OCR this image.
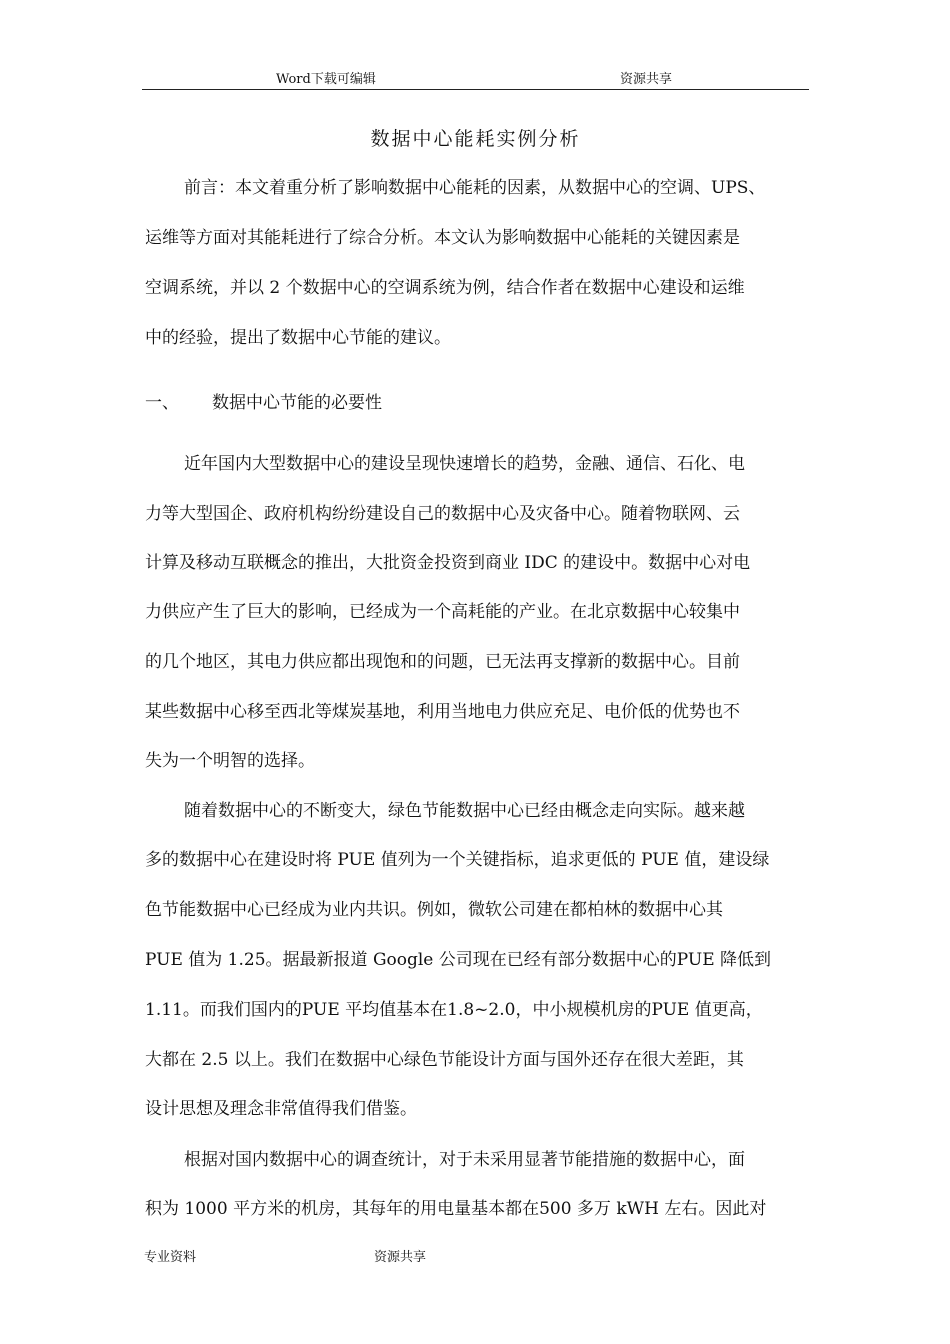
Word下载可编辑	资源共享
数据中心能耗实例分析
前言：本文着重分析了影响数据中心能耗的因素，从数据中心的空调、UPS、
运维等方面对其能耗进行了综合分析。本文认为影响数据中心能耗的关键因素是
空调系统，并以 2 个数据中心的空调系统为例，结合作者在数据中心建设和运维
中的经验，提出了数据中心节能的建议。
一、 数据中心节能的必要性
近年国内大型数据中心的建设呈现快速增长的趋势，金融、通信、石化、电
力等大型国企、政府机构纷纷建设自己的数据中心及灾备中心。随着物联网、云
计算及移动互联概念的推出，大批资金投资到商业 IDC 的建设中。数据中心对电
力供应产生了巨大的影响，已经成为一个高耗能的产业。在北京数据中心较集中
的几个地区，其电力供应都出现饱和的问题，已无法再支撑新的数据中心。目前
某些数据中心移至西北等煤炭基地，利用当地电力供应充足、电价低的优势也不
失为一个明智的选择。
随着数据中心的不断变大，绿色节能数据中心已经由概念走向实际。越来越
多的数据中心在建设时将 PUE 值列为一个关键指标，追求更低的 PUE 值，建设绿
色节能数据中心已经成为业内共识。例如，微软公司建在都柏林的数据中心其
PUE 值为 1.25。据最新报道 Google 公司现在已经有部分数据中心的PUE 降低到
1.11。而我们国内的PUE 平均值基本在1.8~2.0，中小规模机房的PUE 值更高，
大都在 2.5 以上。我们在数据中心绿色节能设计方面与国外还存在很大差距，其
设计思想及理念非常值得我们借鉴。
根据对国内数据中心的调查统计，对于未采用显著节能措施的数据中心，面
积为 1000 平方米的机房，其每年的用电量基本都在500 多万 kWH 左右。因此对
专业资料	资源共享
